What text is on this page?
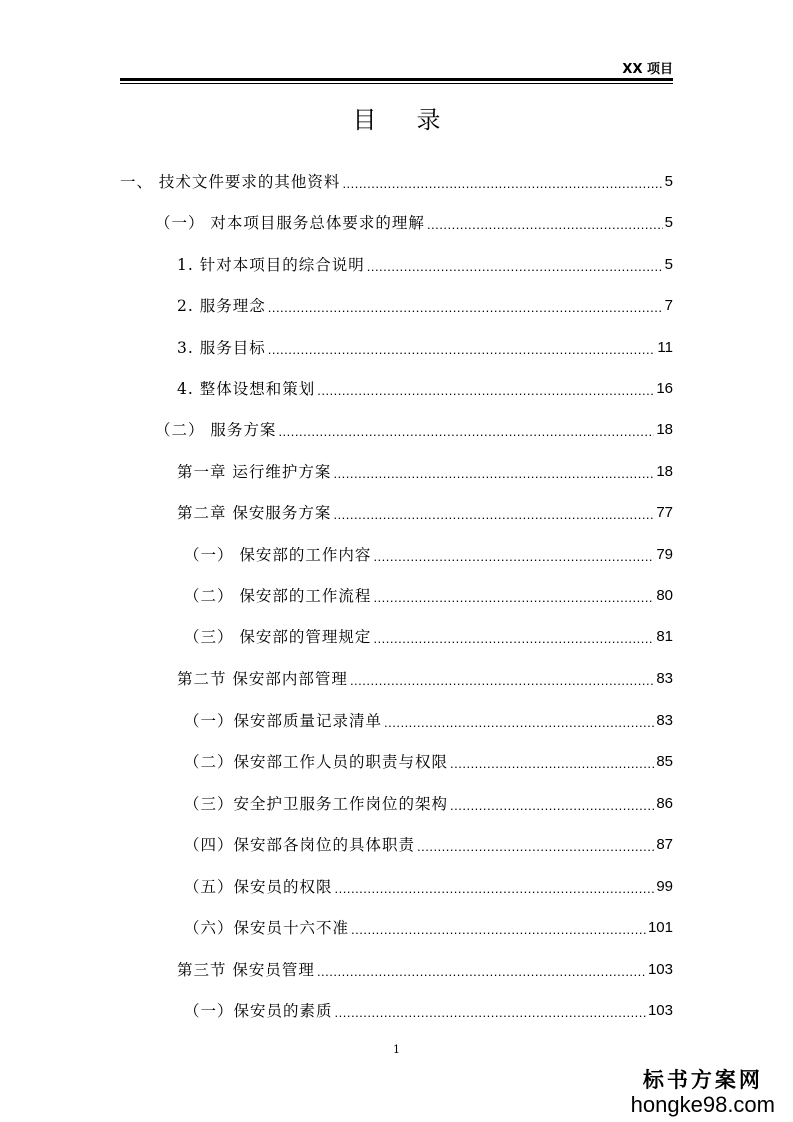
XX 项目
目录
一、 技术文件要求的其他资料 .....	5
（一） 对本项目服务总体要求的理解 .....	5
1. 针对本项目的综合说明 .....	5
2. 服务理念 .....	7
3. 服务目标 .....	11
4. 整体设想和策划 .....	16
（二） 服务方案 .....	18
第一章 运行维护方案 .....	18
第二章 保安服务方案 .....	77
（一） 保安部的工作内容 .....	79
（二） 保安部的工作流程 .....	80
（三） 保安部的管理规定 .....	81
第二节 保安部内部管理 .....	83
（一）保安部质量记录清单 .....	83
（二）保安部工作人员的职责与权限 .....	85
（三）安全护卫服务工作岗位的架构 .....	86
（四）保安部各岗位的具体职责 .....	87
（五）保安员的权限 .....	99
（六）保安员十六不准 .....	101
第三节 保安员管理 .....	103
（一）保安员的素质 .....	103
1
标书方案网
hongke98.com
